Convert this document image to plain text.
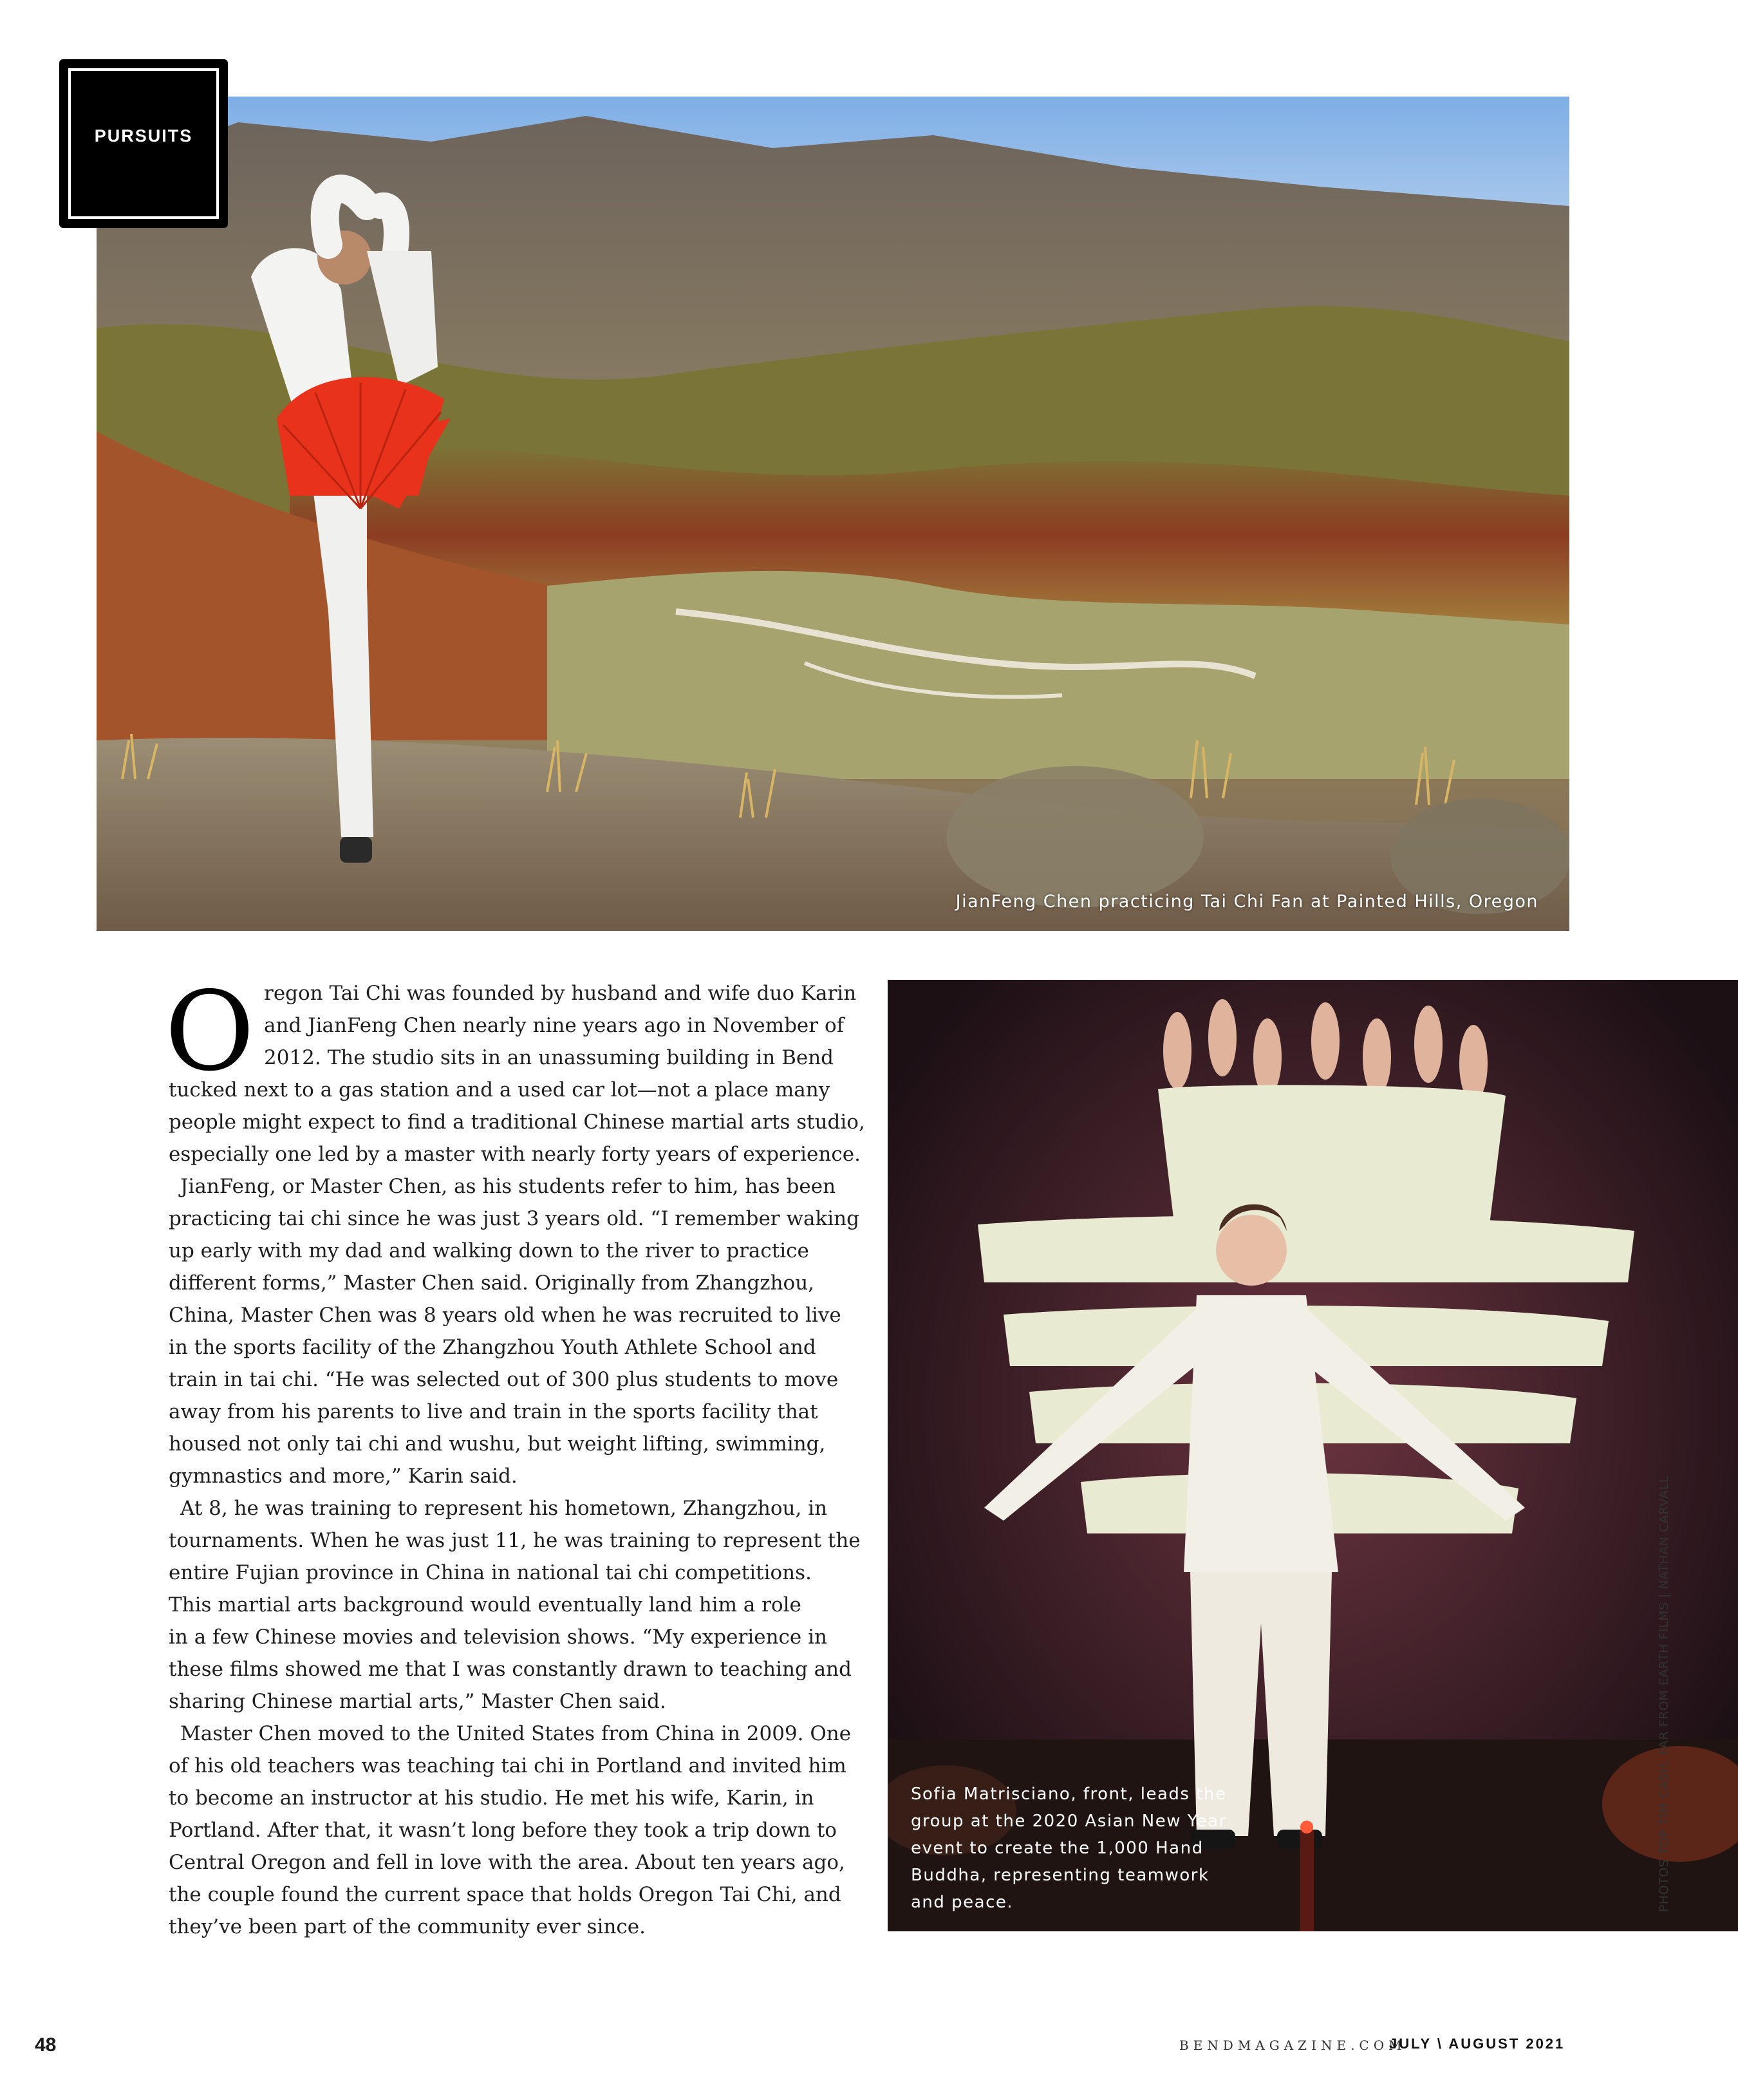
PURSUITS
JianFeng Chen practicing Tai Chi Fan at Painted Hills, Oregon
O regon Tai Chi was founded by husband and wife duo Karin
and JianFeng Chen nearly nine years ago in November of
2012. The studio sits in an unassuming building in Bend
tucked next to a gas station and a used car lot—not a place many
people might expect to find a traditional Chinese martial arts studio,
especially one led by a master with nearly forty years of experience.
JianFeng, or Master Chen, as his students refer to him, has been
practicing tai chi since he was just 3 years old. “I remember waking
up early with my dad and walking down to the river to practice
different forms,” Master Chen said. Originally from Zhangzhou,
China, Master Chen was 8 years old when he was recruited to live
in the sports facility of the Zhangzhou Youth Athlete School and
train in tai chi. “He was selected out of 300 plus students to move
away from his parents to live and train in the sports facility that
housed not only tai chi and wushu, but weight lifting, swimming,
gymnastics and more,” Karin said.
At 8, he was training to represent his hometown, Zhangzhou, in
tournaments. When he was just 11, he was training to represent the
entire Fujian province in China in national tai chi competitions.
This martial arts background would eventually land him a role
in a few Chinese movies and television shows. “My experience in
these films showed me that I was constantly drawn to teaching and
sharing Chinese martial arts,” Master Chen said.
Master Chen moved to the United States from China in 2009. One
of his old teachers was teaching tai chi in Portland and invited him
to become an instructor at his studio. He met his wife, Karin, in
Portland. After that, it wasn’t long before they took a trip down to
Central Oregon and fell in love with the area. About ten years ago,
the couple found the current space that holds Oregon Tai Chi, and
they’ve been part of the community ever since.
Sofia Matrisciano, front, leads the
group at the 2020 Asian New Year
event to create the 1,000 Hand
Buddha, representing teamwork
and peace.	PHOTOS TOP TIM CASH, FAR FROM EARTH FILMS | NATHAN CARVALL
48	BENDMAGAZINE.COM
JULY \ AUGUST 2021
